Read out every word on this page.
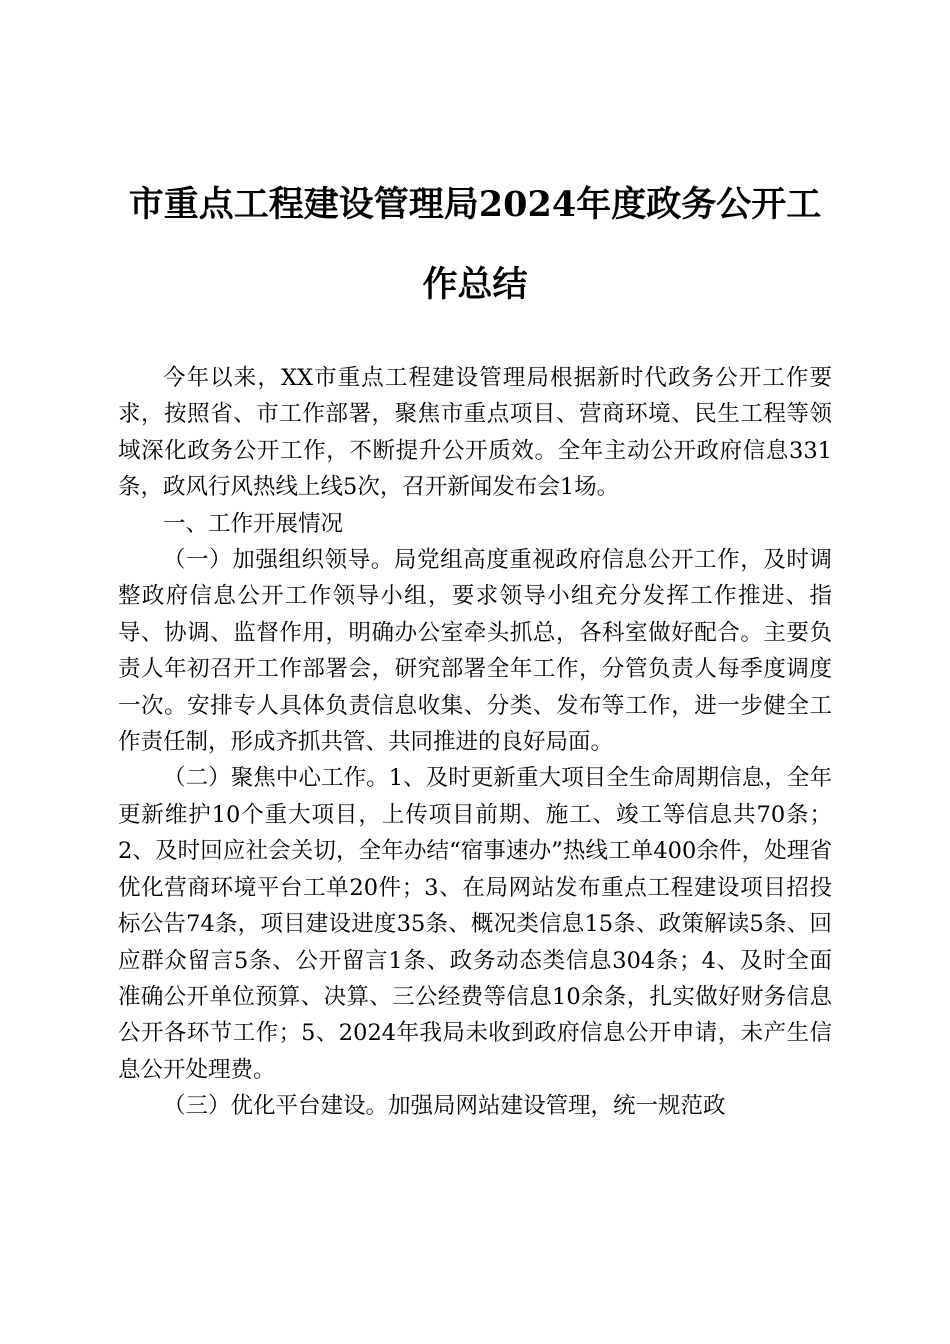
市重点工程建设管理局2024年度政务公开工
作总结

今年以来，XX市重点工程建设管理局根据新时代政务公开工作要求，按照省、市工作部署，聚焦市重点项目、营商环境、民生工程等领域深化政务公开工作，不断提升公开质效。全年主动公开政府信息331条，政风行风热线上线5次，召开新闻发布会1场。

一、工作开展情况

（一）加强组织领导。局党组高度重视政府信息公开工作，及时调整政府信息公开工作领导小组，要求领导小组充分发挥工作推进、指导、协调、监督作用，明确办公室牵头抓总，各科室做好配合。主要负责人年初召开工作部署会，研究部署全年工作，分管负责人每季度调度一次。安排专人具体负责信息收集、分类、发布等工作，进一步健全工作责任制，形成齐抓共管、共同推进的良好局面。

（二）聚焦中心工作。1、及时更新重大项目全生命周期信息，全年更新维护10个重大项目，上传项目前期、施工、竣工等信息共70条；2、及时回应社会关切，全年办结“宿事速办”热线工单400余件，处理省优化营商环境平台工单20件；3、在局网站发布重点工程建设项目招投标公告74条，项目建设进度35条、概况类信息15条、政策解读5条、回应群众留言5条、公开留言1条、政务动态类信息304条；4、及时全面准确公开单位预算、决算、三公经费等信息10余条，扎实做好财务信息公开各环节工作；5、2024年我局未收到政府信息公开申请，未产生信息公开处理费。

（三）优化平台建设。加强局网站建设管理，统一规范政
